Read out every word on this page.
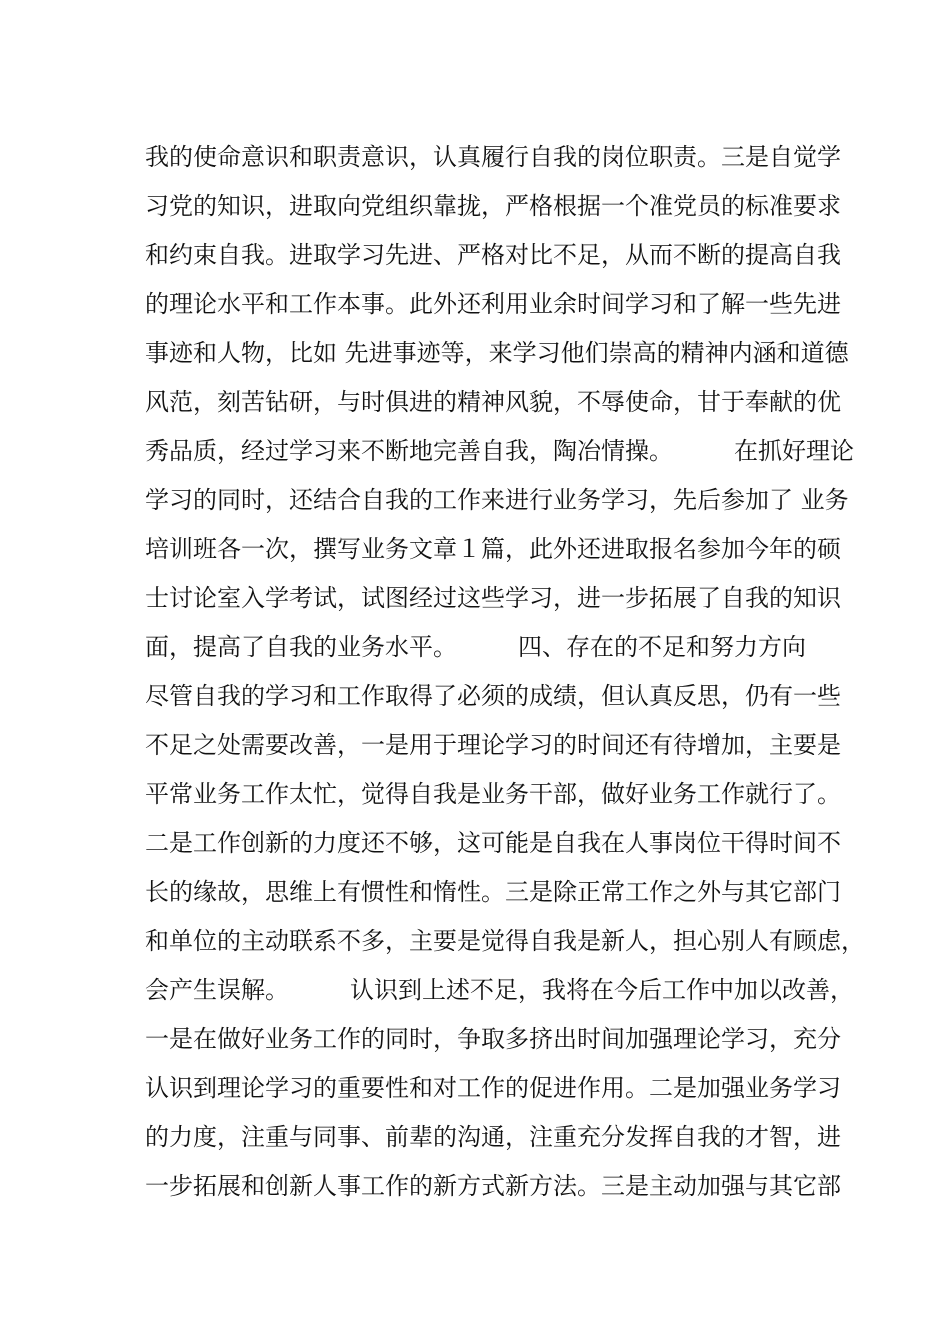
我的使命意识和职责意识，认真履行自我的岗位职责。三是自觉学
习党的知识，进取向党组织靠拢，严格根据一个准党员的标准要求
和约束自我。进取学习先进、严格对比不足，从而不断的提高自我
的理论水平和工作本事。此外还利用业余时间学习和了解一些先进
事迹和人物，比如 先进事迹等，来学习他们崇高的精神内涵和道德
风范，刻苦钻研，与时俱进的精神风貌，不辱使命，甘于奉献的优
秀品质，经过学习来不断地完善自我，陶冶情操。        在抓好理论
学习的同时，还结合自我的工作来进行业务学习，先后参加了 业务
培训班各一次，撰写业务文章１篇，此外还进取报名参加今年的硕
士讨论室入学考试，试图经过这些学习，进一步拓展了自我的知识
面，提高了自我的业务水平。        四、存在的不足和努力方向
尽管自我的学习和工作取得了必须的成绩，但认真反思，仍有一些
不足之处需要改善，一是用于理论学习的时间还有待增加，主要是
平常业务工作太忙，觉得自我是业务干部，做好业务工作就行了。
二是工作创新的力度还不够，这可能是自我在人事岗位干得时间不
长的缘故，思维上有惯性和惰性。三是除正常工作之外与其它部门
和单位的主动联系不多，主要是觉得自我是新人，担心别人有顾虑，
会产生误解。        认识到上述不足，我将在今后工作中加以改善，
一是在做好业务工作的同时，争取多挤出时间加强理论学习，充分
认识到理论学习的重要性和对工作的促进作用。二是加强业务学习
的力度，注重与同事、前辈的沟通，注重充分发挥自我的才智，进
一步拓展和创新人事工作的新方式新方法。三是主动加强与其它部
